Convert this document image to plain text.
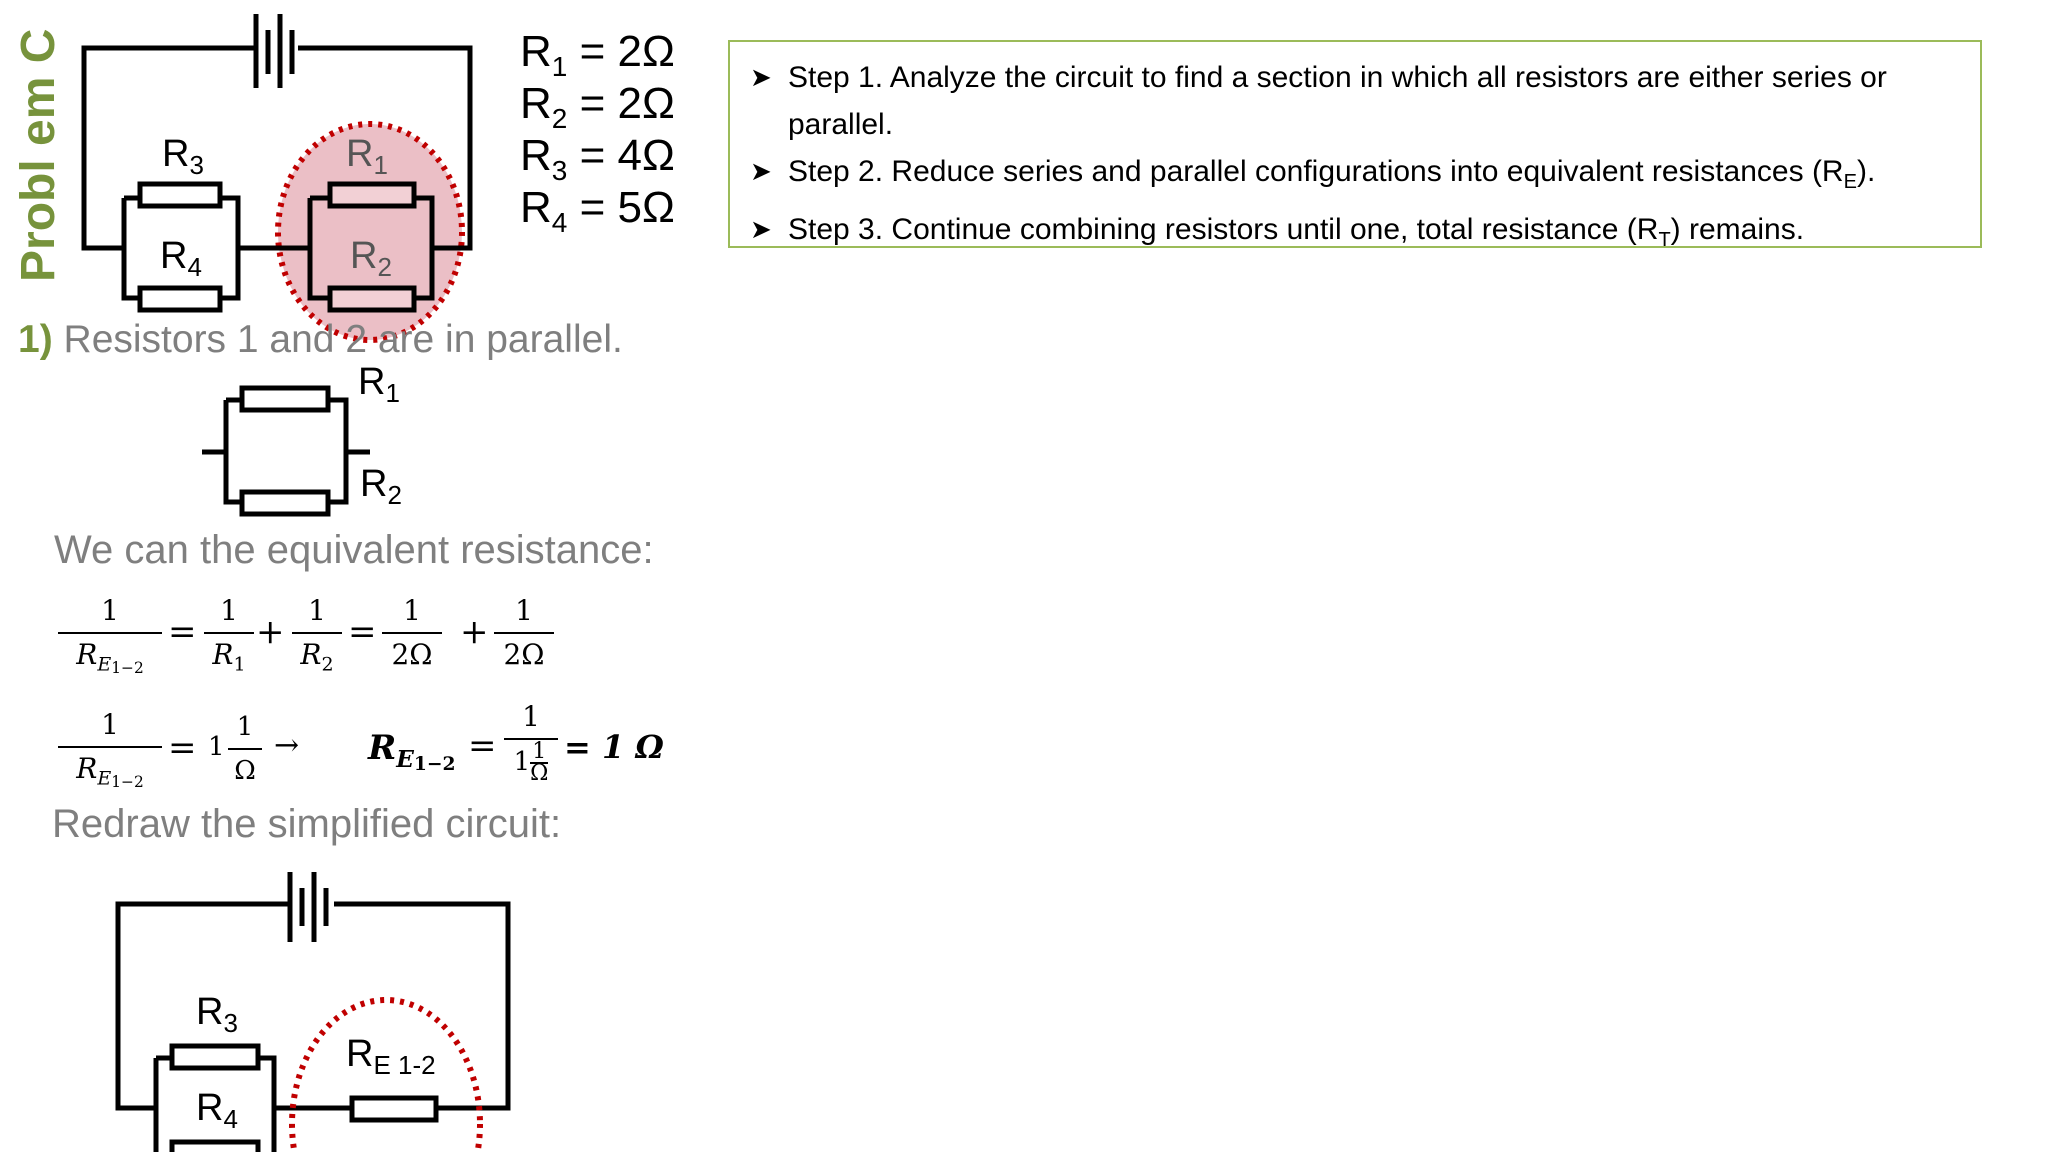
Probl em C	$R_3$
$R_4$
$R_1$
$R_2$
$R_1 = 2\Omega$
$R_2 = 2\Omega$
$R_3 = 4\Omega$
$R_4 = 5\Omega$
➤ Step 1. Analyze the circuit to find a section in which all resistors are either series or parallel.
➤ Step 2. Reduce series and parallel configurations into equivalent resistances $(R_E)$.
➤ Step 3. Continue combining resistors until one, total resistance $(R_T)$ remains.
1) Resistors 1 and 2 are in parallel.
$R_1$
$R_2$
We can the equivalent resistance:
1
$R_{E1-2}$
=
1
$R_1$
+
1
$R_2$
=
1
2Ω
+
1
2Ω
1
$R_{E1-2}$
= 1
1
Ω
→ $R_{E1-2}$ =
1
$1 \frac{1}{\Omega} = 1$ Ω
Redraw the simplified circuit:
$R_3$
$R_4$
$R_{E 1-2}$
